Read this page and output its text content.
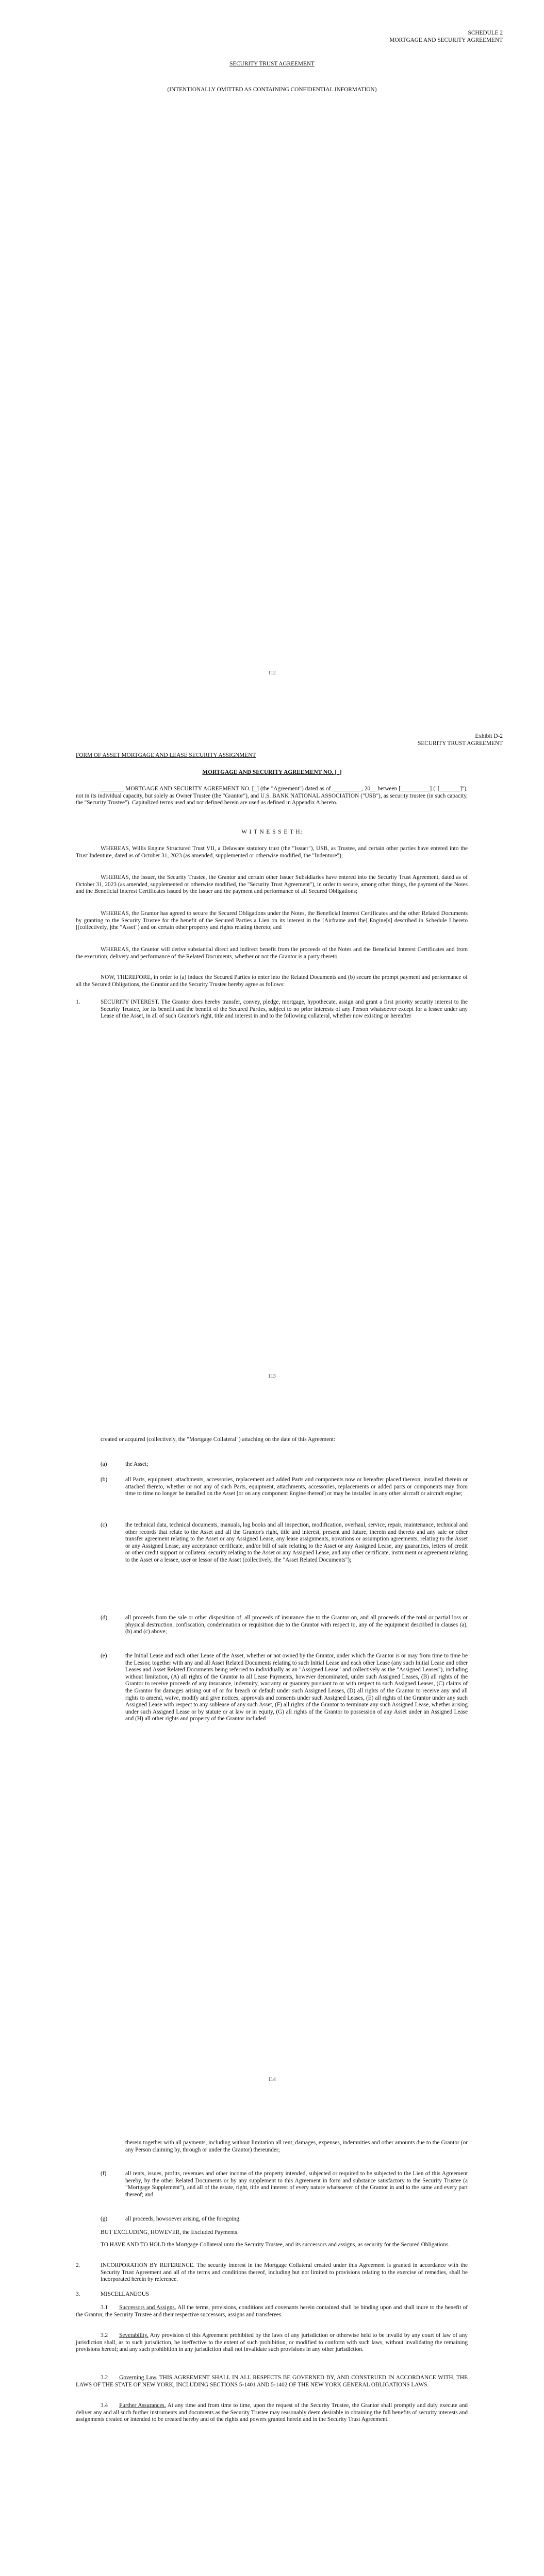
SCHEDULE 2
MORTGAGE AND SECURITY AGREEMENT
SECURITY TRUST AGREEMENT
(INTENTIONALLY OMITTED AS CONTAINING CONFIDENTIAL INFORMATION)
112
Exhibit D-2
SECURITY TRUST AGREEMENT
FORM OF ASSET MORTGAGE AND LEASE SECURITY ASSIGNMENT
MORTGAGE AND SECURITY AGREEMENT NO. [_]
________ MORTGAGE AND SECURITY AGREEMENT NO. [_] (the "Agreement") dated as of __________, 20__ between [__________] ("[_______]"), not in its individual capacity, but solely as Owner Trustee (the "Grantor"), and U.S. BANK NATIONAL ASSOCIATION ("USB"), as security trustee (in such capacity, the "Security Trustee"). Capitalized terms used and not defined herein are used as defined in Appendix A hereto.
W I T N E S S E T H:
WHEREAS, Willis Engine Structured Trust VII, a Delaware statutory trust (the "Issuer"), USB, as Trustee, and certain other parties have entered into the Trust Indenture, dated as of October 31, 2023 (as amended, supplemented or otherwise modified, the "Indenture");
WHEREAS, the Issuer, the Security Trustee, the Grantor and certain other Issuer Subsidiaries have entered into the Security Trust Agreement, dated as of October 31, 2023 (as amended, supplemented or otherwise modified, the "Security Trust Agreement"), in order to secure, among other things, the payment of the Notes and the Beneficial Interest Certificates issued by the Issuer and the payment and performance of all Secured Obligations;
WHEREAS, the Grantor has agreed to secure the Secured Obligations under the Notes, the Beneficial Interest Certificates and the other Related Documents by granting to the Security Trustee for the benefit of the Secured Parties a Lien on its interest in the [Airframe and the] Engine[s] described in Schedule I hereto [(collectively, ]the "Asset") and on certain other property and rights relating thereto; and
WHEREAS, the Grantor will derive substantial direct and indirect benefit from the proceeds of the Notes and the Beneficial Interest Certificates and from the execution, delivery and performance of the Related Documents, whether or not the Grantor is a party thereto.
NOW, THEREFORE, in order to (a) induce the Secured Parties to enter into the Related Documents and (b) secure the prompt payment and performance of all the Secured Obligations, the Grantor and the Security Trustee hereby agree as follows:
1.	SECURITY INTEREST. The Grantor does hereby transfer, convey, pledge, mortgage, hypothecate, assign and grant a first priority security interest to the Security Trustee, for its benefit and the benefit of the Secured Parties, subject to no prior interests of any Person whatsoever except for a lessee under any Lease of the Asset, in all of such Grantor's right, title and interest in and to the following collateral, whether now existing or hereafter
113
created or acquired (collectively, the "Mortgage Collateral") attaching on the date of this Agreement:
(a)	the Asset;
(b)	all Parts, equipment, attachments, accessories, replacement and added Parts and components now or hereafter placed thereon, installed therein or attached thereto, whether or not any of such Parts, equipment, attachments, accessories, replacements or added parts or components may from time to time no longer be installed on the Asset [or on any component Engine thereof] or may be installed in any other aircraft or aircraft engine;
(c)	the technical data, technical documents, manuals, log books and all inspection, modification, overhaul, service, repair, maintenance, technical and other records that relate to the Asset and all the Grantor's right, title and interest, present and future, therein and thereto and any sale or other transfer agreement relating to the Asset or any Assigned Lease, any lease assignments, novations or assumption agreements, relating to the Asset or any Assigned Lease, any acceptance certificate, and/or bill of sale relating to the Asset or any Assigned Lease, any guaranties, letters of credit or other credit support or collateral security relating to the Asset or any Assigned Lease, and any other certificate, instrument or agreement relating to the Asset or a lessee, user or lessor of the Asset (collectively, the "Asset Related Documents");
(d)	all proceeds from the sale or other disposition of, all proceeds of insurance due to the Grantor on, and all proceeds of the total or partial loss or physical destruction, confiscation, condemnation or requisition due to the Grantor with respect to, any of the equipment described in clauses (a), (b) and (c) above;
(e)	the Initial Lease and each other Lease of the Asset, whether or not owned by the Grantor, under which the Grantor is or may from time to time be the Lessor, together with any and all Asset Related Documents relating to such Initial Lease and each other Lease (any such Initial Lease and other Leases and Asset Related Documents being referred to individually as an "Assigned Lease" and collectively as the "Assigned Leases"), including without limitation, (A) all rights of the Grantor to all Lease Payments, however denominated, under such Assigned Leases, (B) all rights of the Grantor to receive proceeds of any insurance, indemnity, warranty or guaranty pursuant to or with respect to such Assigned Leases, (C) claims of the Grantor for damages arising out of or for breach or default under such Assigned Leases, (D) all rights of the Grantor to receive any and all rights to amend, waive, modify and give notices, approvals and consents under such Assigned Leases, (E) all rights of the Grantor under any such Assigned Lease with respect to any sublease of any such Asset, (F) all rights of the Grantor to terminate any such Assigned Lease, whether arising under such Assigned Lease or by statute or at law or in equity, (G) all rights of the Grantor to possession of any Asset under an Assigned Lease and (H) all other rights and property of the Grantor included
114
therein together with all payments, including without limitation all rent, damages, expenses, indemnities and other amounts due to the Grantor (or any Person claiming by, through or under the Grantor) thereunder;
(f)	all rents, issues, profits, revenues and other income of the property intended, subjected or required to be subjected to the Lien of this Agreement hereby, by the other Related Documents or by any supplement to this Agreement in form and substance satisfactory to the Security Trustee (a "Mortgage Supplement"), and all of the estate, right, title and interest of every nature whatsoever of the Grantor in and to the same and every part thereof; and
(g)	all proceeds, howsoever arising, of the foregoing.
BUT EXCLUDING, HOWEVER, the Excluded Payments.
TO HAVE AND TO HOLD the Mortgage Collateral unto the Security Trustee, and its successors and assigns, as security for the Secured Obligations.
2.	INCORPORATION BY REFERENCE. The security interest in the Mortgage Collateral created under this Agreement is granted in accordance with the Security Trust Agreement and all of the terms and conditions thereof, including but not limited to provisions relating to the exercise of remedies, shall be incorporated herein by reference.
3.	MISCELLANEOUS
3.1 Successors and Assigns. All the terms, provisions, conditions and covenants herein contained shall be binding upon and shall inure to the benefit of the Grantor, the Security Trustee and their respective successors, assigns and transferees.
3.2 Severability. Any provision of this Agreement prohibited by the laws of any jurisdiction or otherwise held to be invalid by any court of law of any jurisdiction shall, as to such jurisdiction, be ineffective to the extent of such prohibition, or modified to conform with such laws, without invalidating the remaining provisions hereof; and any such prohibition in any jurisdiction shall not invalidate such provisions in any other jurisdiction.
3.2 Governing Law. THIS AGREEMENT SHALL IN ALL RESPECTS BE GOVERNED BY, AND CONSTRUED IN ACCORDANCE WITH, THE LAWS OF THE STATE OF NEW YORK, INCLUDING SECTIONS 5-1401 AND 5-1402 OF THE NEW YORK GENERAL OBLIGATIONS LAWS.
3.4 Further Assurances. At any time and from time to time, upon the request of the Security Trustee, the Grantor shall promptly and duly execute and deliver any and all such further instruments and documents as the Security Trustee may reasonably deem desirable in obtaining the full benefits of security interests and assignments created or intended to be created hereby and of the rights and powers granted herein and in the Security Trust Agreement.
